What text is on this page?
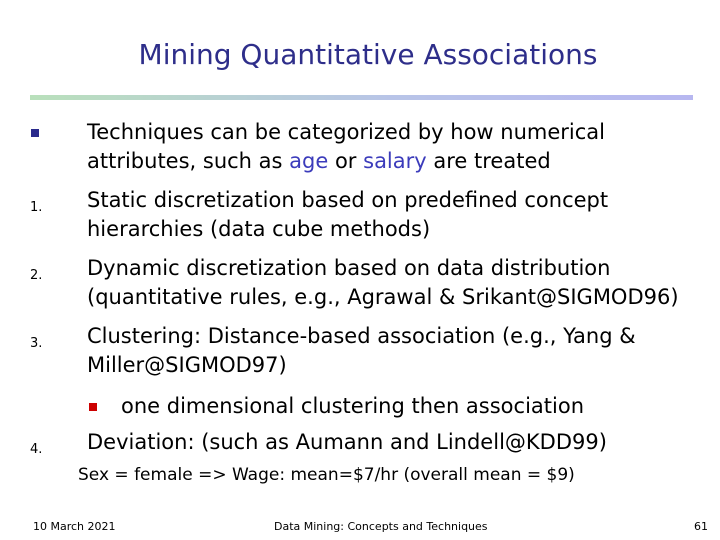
Mining Quantitative Associations
Techniques can be categorized by how numerical
attributes, such as age or salary are treated
1. Static discretization based on predefined concept
hierarchies (data cube methods)
2. Dynamic discretization based on data distribution
(quantitative rules, e.g., Agrawal & Srikant@SIGMOD96)
3. Clustering: Distance-based association (e.g., Yang &
Miller@SIGMOD97)
one dimensional clustering then association
4. Deviation: (such as Aumann and Lindell@KDD99)
Sex = female => Wage: mean=$7/hr (overall mean = $9)
10 March 2021	Data Mining: Concepts and Techniques	61
